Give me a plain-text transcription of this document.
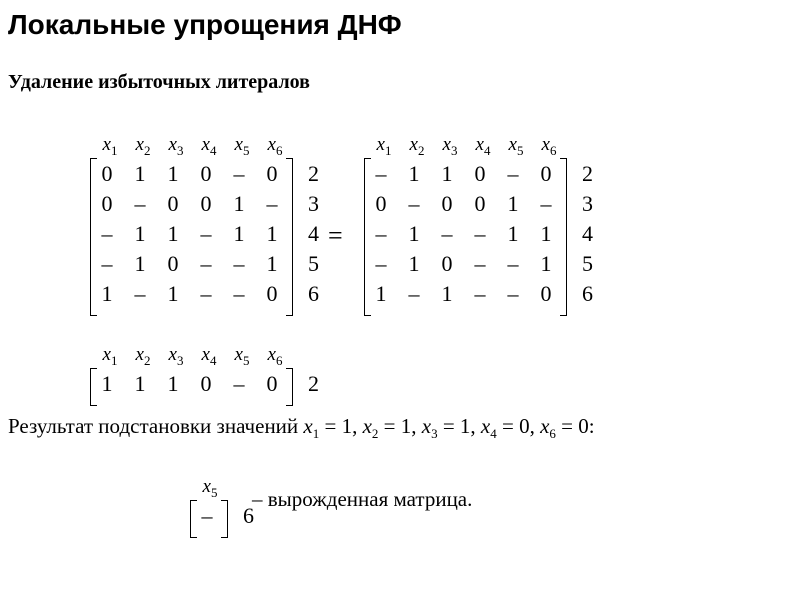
Локальные упрощения ДНФ
Удаление избыточных литералов
$x_1$ $x_2$ $x_3$ $x_4$ $x_5$ $x_6$
0 1 1 0 – 0 2
0 – 0 0 1 – 3
– 1 1 – 1 1 4
– 1 0 – – 1 5
1 – 1 – – 0 6
=
$x_1$ $x_2$ $x_3$ $x_4$ $x_5$ $x_6$
– 1 1 0 – 0 2
0 – 0 0 1 – 3
– 1 – – 1 1 4
– 1 0 – – 1 5
1 – 1 – – 0 6
$x_1$ $x_2$ $x_3$ $x_4$ $x_5$ $x_6$
1 1 1 0 – 0 2
Результат подстановки значений $x_1 = 1$, $x_2 = 1$, $x_3 = 1$, $x_4 = 0$, $x_6 = 0$:
$x_5$
– 6
– вырожденная матрица.
